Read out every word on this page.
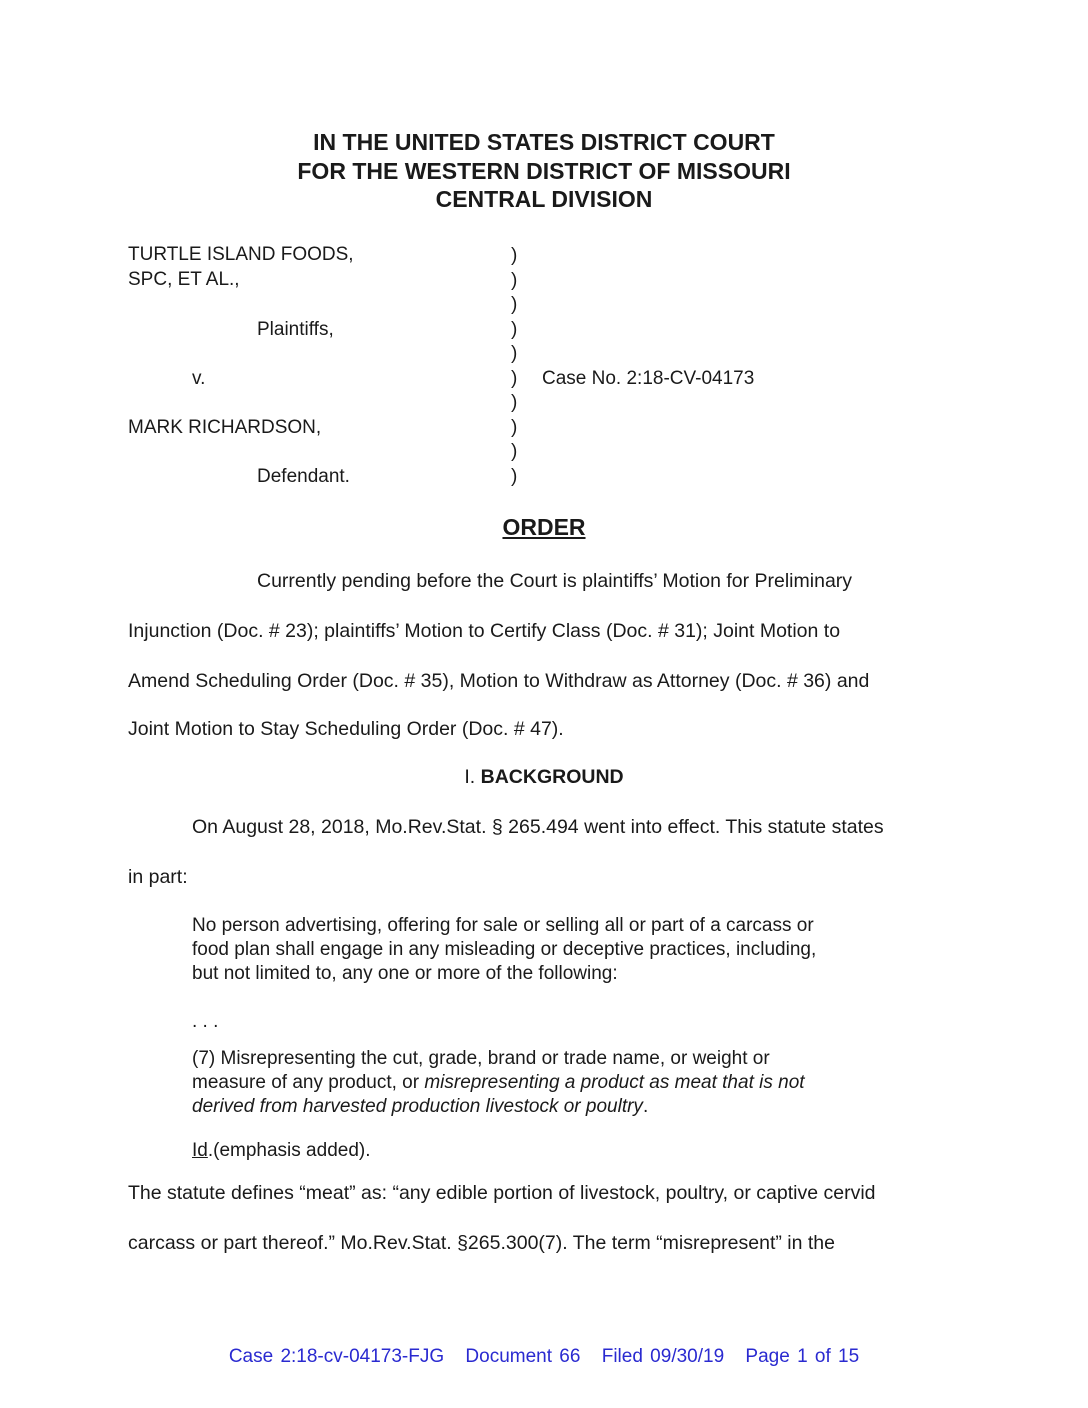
IN THE UNITED STATES DISTRICT COURT
FOR THE WESTERN DISTRICT OF MISSOURI
CENTRAL DIVISION
TURTLE ISLAND FOODS,
SPC, ET AL.,
Plaintiffs,
v.
MARK RICHARDSON,
Defendant.
)
)
)
)
)
)
)
)
)
)
Case No. 2:18-CV-04173
ORDER
Currently pending before the Court is plaintiffs’ Motion for Preliminary
Injunction (Doc. # 23); plaintiffs’ Motion to Certify Class (Doc. # 31); Joint Motion to
Amend Scheduling Order (Doc. # 35), Motion to Withdraw as Attorney (Doc. # 36) and
Joint Motion to Stay Scheduling Order (Doc. # 47).
I. BACKGROUND
On August 28, 2018, Mo.Rev.Stat. § 265.494 went into effect. This statute states
in part:
No person advertising, offering for sale or selling all or part of a carcass or
food plan shall engage in any misleading or deceptive practices, including,
but not limited to, any one or more of the following:
. . .
(7) Misrepresenting the cut, grade, brand or trade name, or weight or
measure of any product, or misrepresenting a product as meat that is not
derived from harvested production livestock or poultry.
Id.(emphasis added).
The statute defines “meat” as: “any edible portion of livestock, poultry, or captive cervid
carcass or part thereof.” Mo.Rev.Stat. §265.300(7). The term “misrepresent” in the
Case 2:18-cv-04173-FJG Document 66 Filed 09/30/19 Page 1 of 15
